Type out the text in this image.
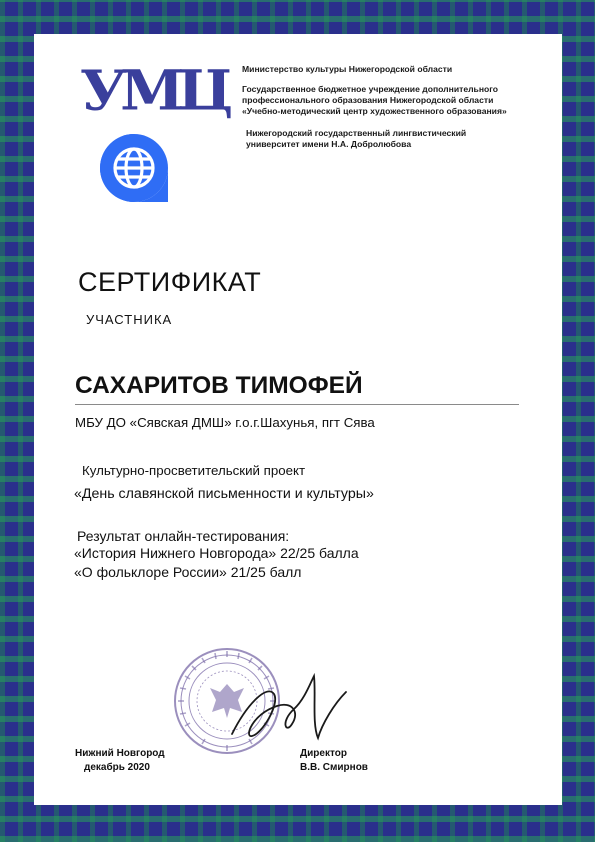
УМЦ Министерство культуры Нижегородской области
Государственное бюджетное учреждение дополнительного
профессионального образования Нижегородской области
«Учебно-методический центр художественного образования»
Нижегородский государственный лингвистический
университет имени Н.А. Добролюбова
СЕРТИФИКАТ
УЧАСТНИКА
САХАРИТОВ ТИМОФЕЙ
МБУ ДО «Сявская ДМШ» г.о.г.Шахунья, пгт Сява
Культурно-просветительский проект
«День славянской письменности и культуры»
Результат онлайн-тестирования:
«История Нижнего Новгорода» 22/25 балла
«О фольклоре России» 21/25 балл
Нижний Новгород
декабрь 2020
Директор
В.В. Смирнов
